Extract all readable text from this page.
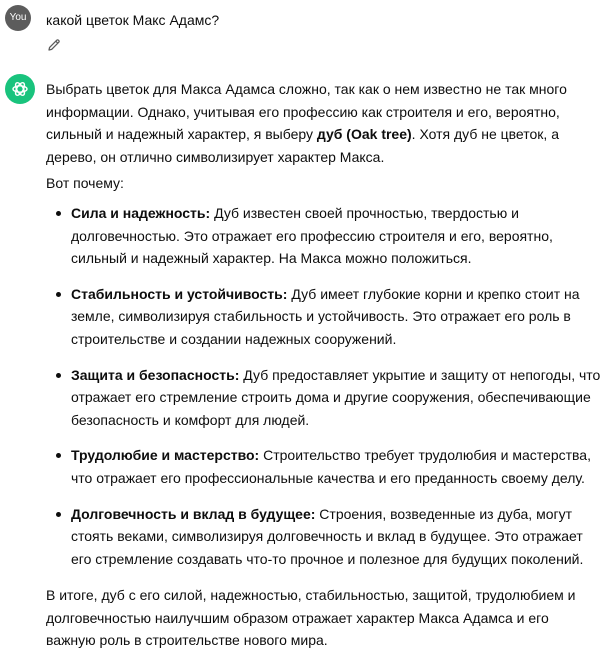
You	какой цветок Макс Адамс?

Выбрать цветок для Макса Адамса сложно, так как о нем известно не так много информации. Однако, учитывая его профессию как строителя и его, вероятно, сильный и надежный характер, я выберу дуб (Oak tree). Хотя дуб не цветок, а дерево, он отлично символизирует характер Макса.

Вот почему:

Сила и надежность: Дуб известен своей прочностью, твердостью и долговечностью. Это отражает его профессию строителя и его, вероятно, сильный и надежный характер. На Макса можно положиться.
Стабильность и устойчивость: Дуб имеет глубокие корни и крепко стоит на земле, символизируя стабильность и устойчивость. Это отражает его роль в строительстве и создании надежных сооружений.
Защита и безопасность: Дуб предоставляет укрытие и защиту от непогоды, что отражает его стремление строить дома и другие сооружения, обеспечивающие безопасность и комфорт для людей.
Трудолюбие и мастерство: Строительство требует трудолюбия и мастерства, что отражает его профессиональные качества и его преданность своему делу.
Долговечность и вклад в будущее: Строения, возведенные из дуба, могут стоять веками, символизируя долговечность и вклад в будущее. Это отражает его стремление создавать что-то прочное и полезное для будущих поколений.

В итоге, дуб с его силой, надежностью, стабильностью, защитой, трудолюбием и долговечностью наилучшим образом отражает характер Макса Адамса и его важную роль в строительстве нового мира.
